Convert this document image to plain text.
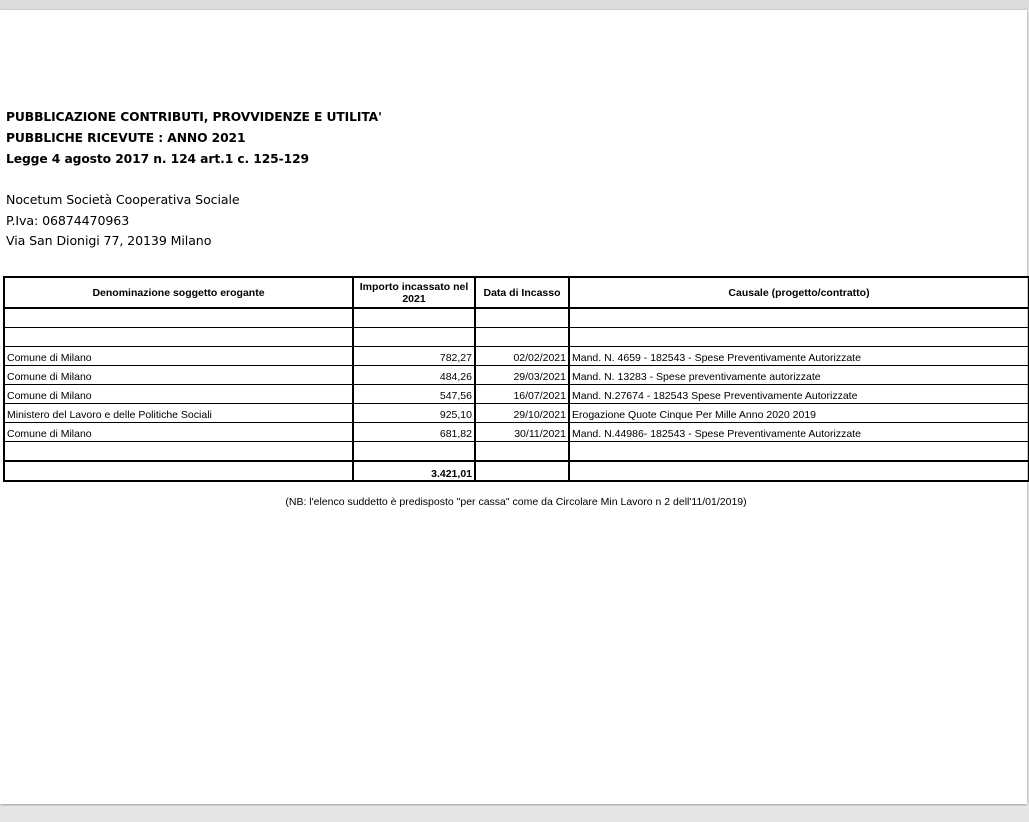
PUBBLICAZIONE CONTRIBUTI, PROVVIDENZE E UTILITA'
PUBBLICHE RICEVUTE : ANNO 2021
Legge 4 agosto 2017 n. 124 art.1 c. 125-129
Nocetum Società Cooperativa Sociale
P.Iva: 06874470963
Via San Dionigi 77, 20139 Milano
Denominazione soggetto erogante	Importo incassato nel 2021	Data di Incasso	Causale (progetto/contratto)

Comune di Milano	782,27	02/02/2021	Mand. N. 4659 - 182543 - Spese Preventivamente Autorizzate
Comune di Milano	484,26	29/03/2021	Mand. N. 13283 - Spese preventivamente autorizzate
Comune di Milano	547,56	16/07/2021	Mand. N.27674 - 182543 Spese Preventivamente Autorizzate
Ministero del Lavoro e delle Politiche Sociali	925,10	29/10/2021	Erogazione Quote Cinque Per Mille Anno 2020 2019
Comune di Milano	681,82	30/11/2021	Mand. N.44986- 182543 - Spese Preventivamente Autorizzate

	3.421,01		
(NB: l'elenco suddetto è predisposto "per cassa" come da Circolare Min Lavoro n 2 dell'11/01/2019)
